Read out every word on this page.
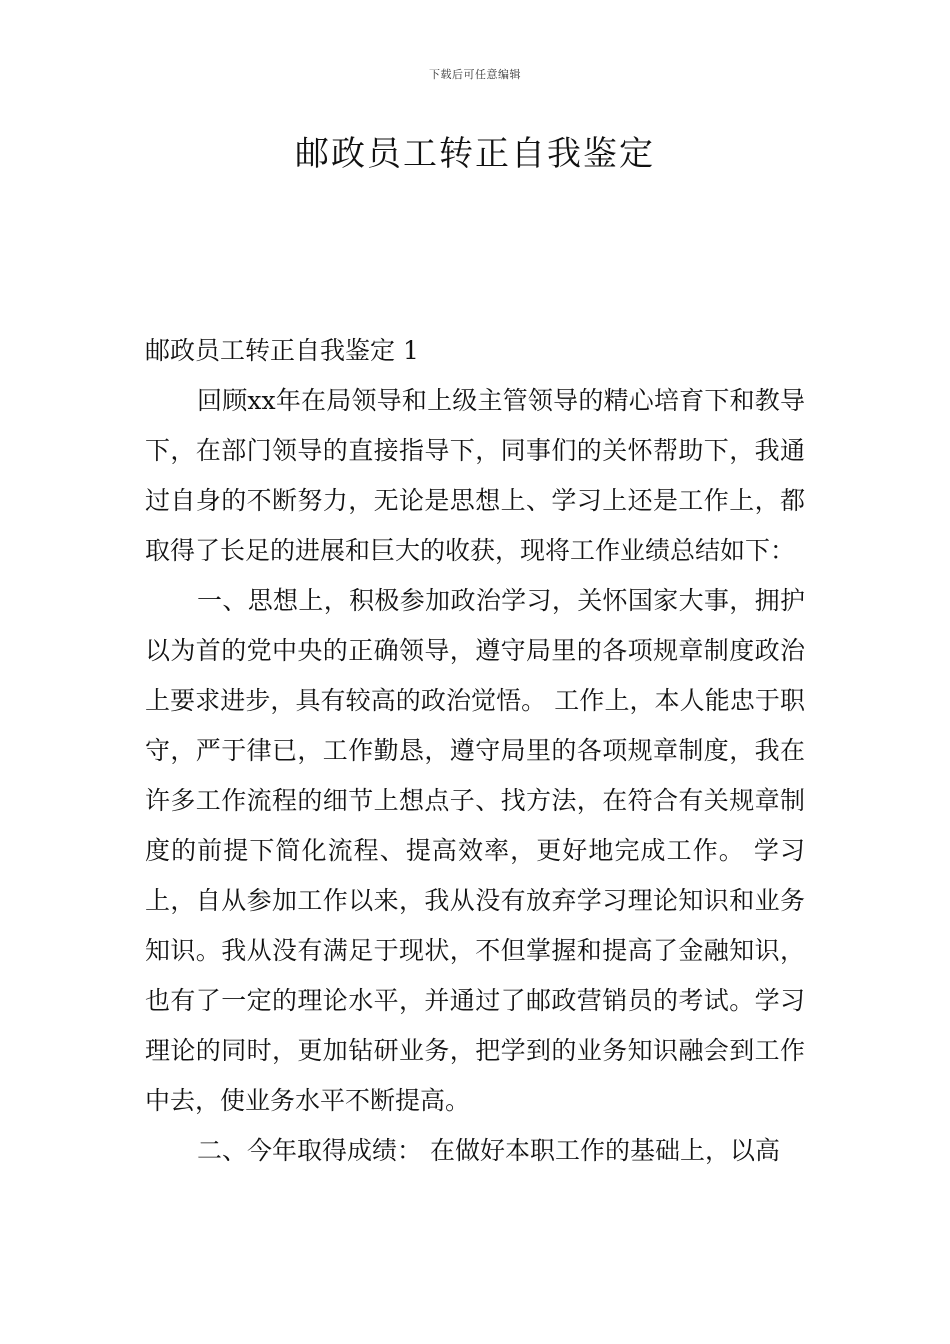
下载后可任意编辑
邮政员工转正自我鉴定

邮政员工转正自我鉴定 1

回顾xx年在局领导和上级主管领导的精心培育下和教导下，在部门领导的直接指导下，同事们的关怀帮助下，我通过自身的不断努力，无论是思想上、学习上还是工作上，都取得了长足的进展和巨大的收获，现将工作业绩总结如下：

一、思想上，积极参加政治学习，关怀国家大事，拥护以为首的党中央的正确领导，遵守局里的各项规章制度政治上要求进步，具有较高的政治觉悟。 工作上，本人能忠于职守，严于律已，工作勤恳，遵守局里的各项规章制度，我在许多工作流程的细节上想点子、找方法，在符合有关规章制度的前提下简化流程、提高效率，更好地完成工作。 学习上，自从参加工作以来，我从没有放弃学习理论知识和业务知识。我从没有满足于现状，不但掌握和提高了金融知识，也有了一定的理论水平，并通过了邮政营销员的考试。学习理论的同时，更加钻研业务，把学到的业务知识融会到工作中去，使业务水平不断提高。

二、今年取得成绩： 在做好本职工作的基础上，以高
